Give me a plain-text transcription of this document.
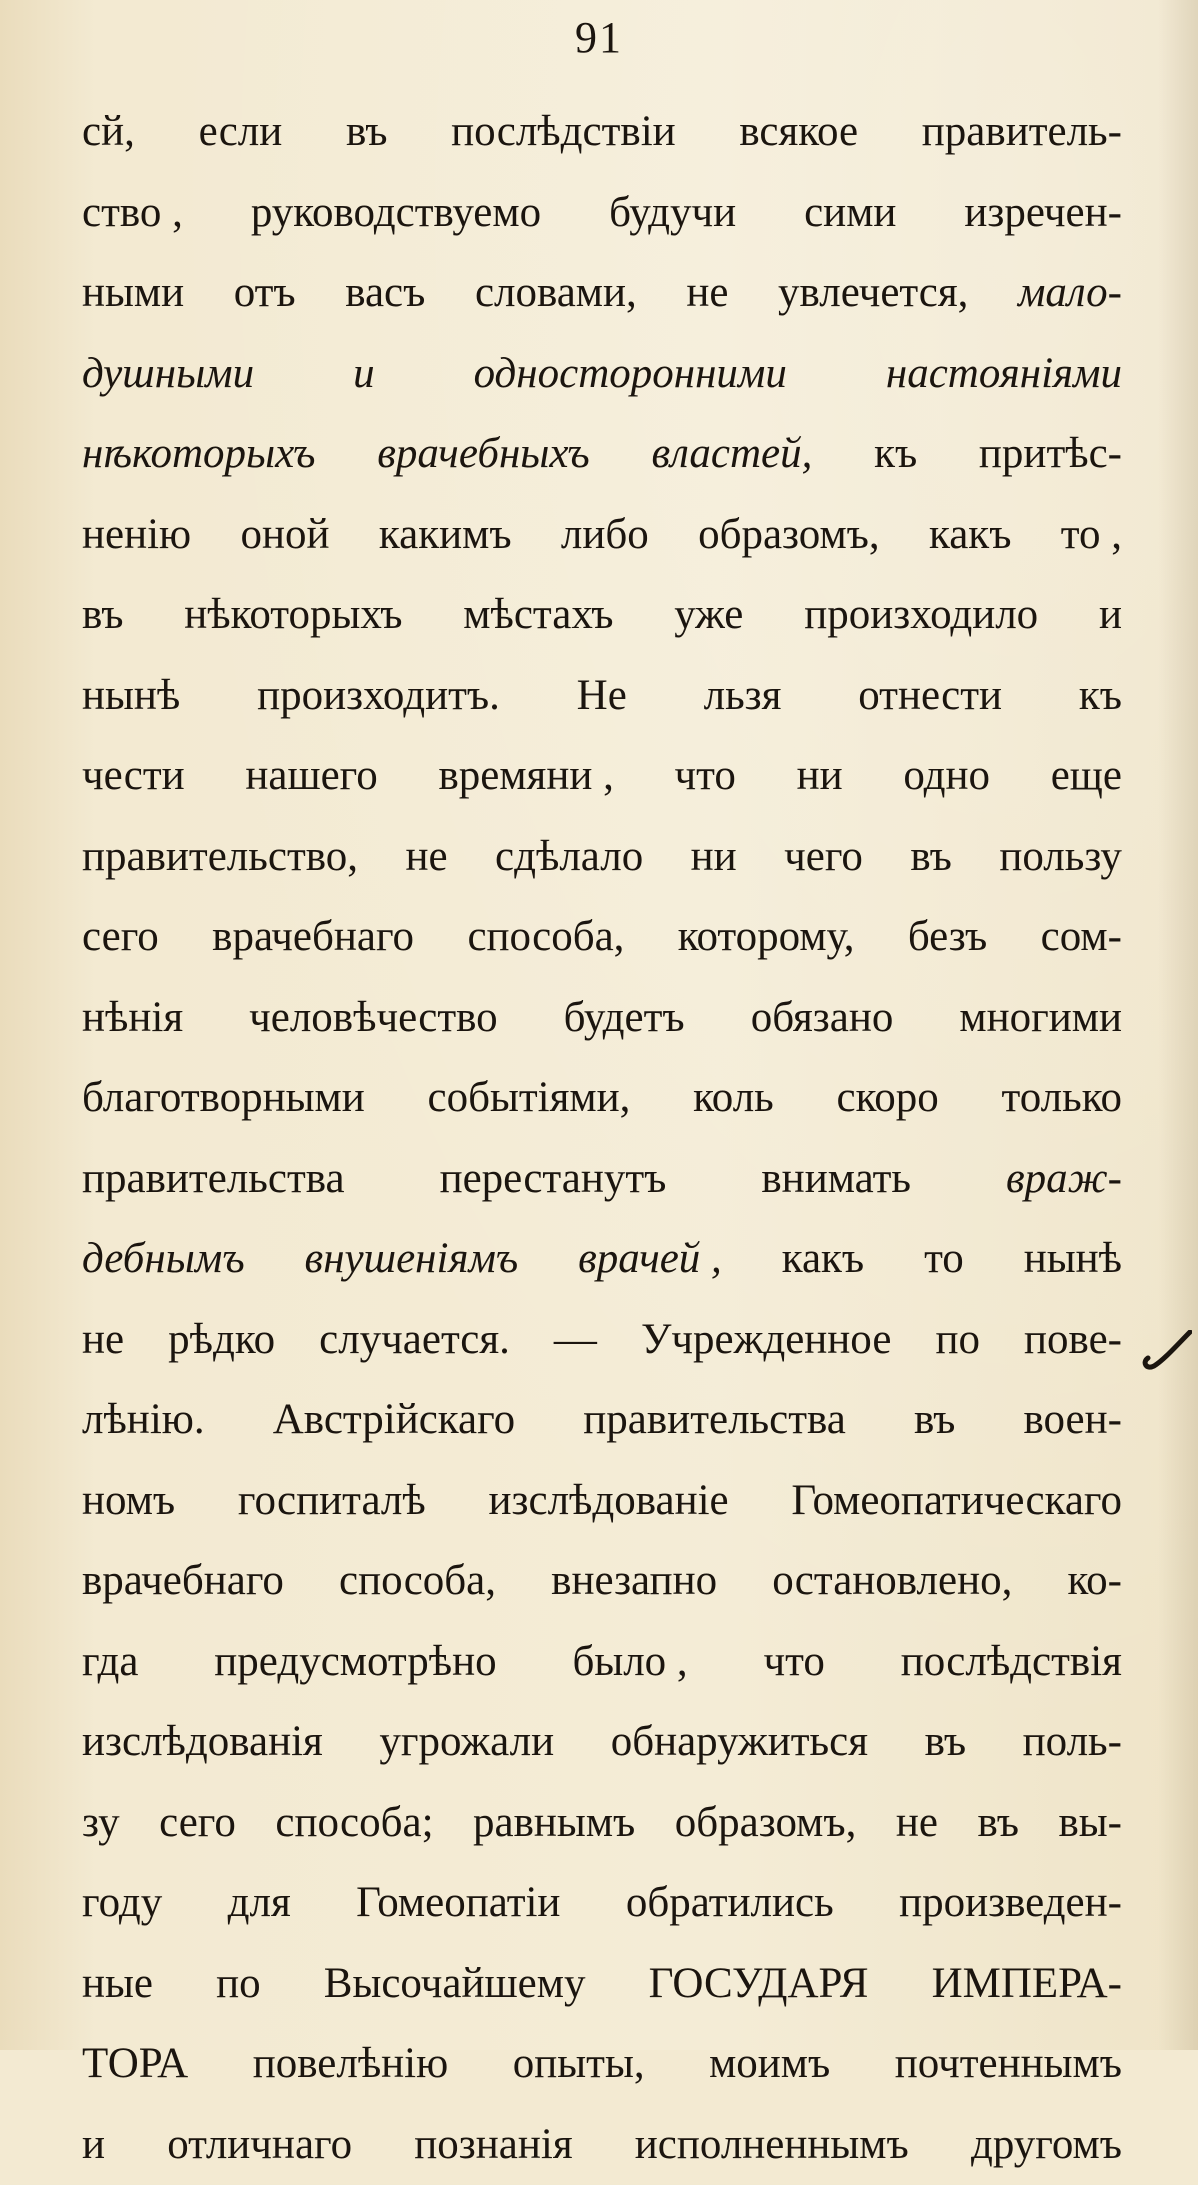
91
сй, если въ послѣдствіи всякое правитель-
ство , руководствуемо будучи сими изречен-
ными отъ васъ словами, не увлечется, мало-
душными и односторонними настояніями
нѣкоторыхъ врачебныхъ властей, къ притѣс-
ненію оной какимъ либо образомъ, какъ то ,
въ нѣкоторыхъ мѣстахъ уже произходило и
нынѣ произходитъ. Не льзя отнести къ
чести нашего времяни , что ни одно еще
правительство, не сдѣлало ни чего въ пользу
сего врачебнаго способа, которому, безъ сом-
нѣнія человѣчество будетъ обязано многими
благотворными событіями, коль скоро только
правительства перестанутъ внимать враж-
дебнымъ внушеніямъ врачей , какъ то нынѣ
не рѣдко случается. — Учрежденное по пове-
лѣнію. Австрійскаго правительства въ воен-
номъ госпиталѣ изслѣдованіе Гомеопатическаго
врачебнаго способа, внезапно остановлено, ко-
гда предусмотрѣно было , что послѣдствія
изслѣдованія угрожали обнаружиться въ поль-
зу сего способа; равнымъ образомъ, не въ вы-
году для Гомеопатіи обратились произведен-
ные по Высочайшему ГОСУДАРЯ ИМПЕРА-
ТОРА повелѣнію опыты, моимъ почтеннымъ
и отличнаго познанія исполненнымъ другомъ
